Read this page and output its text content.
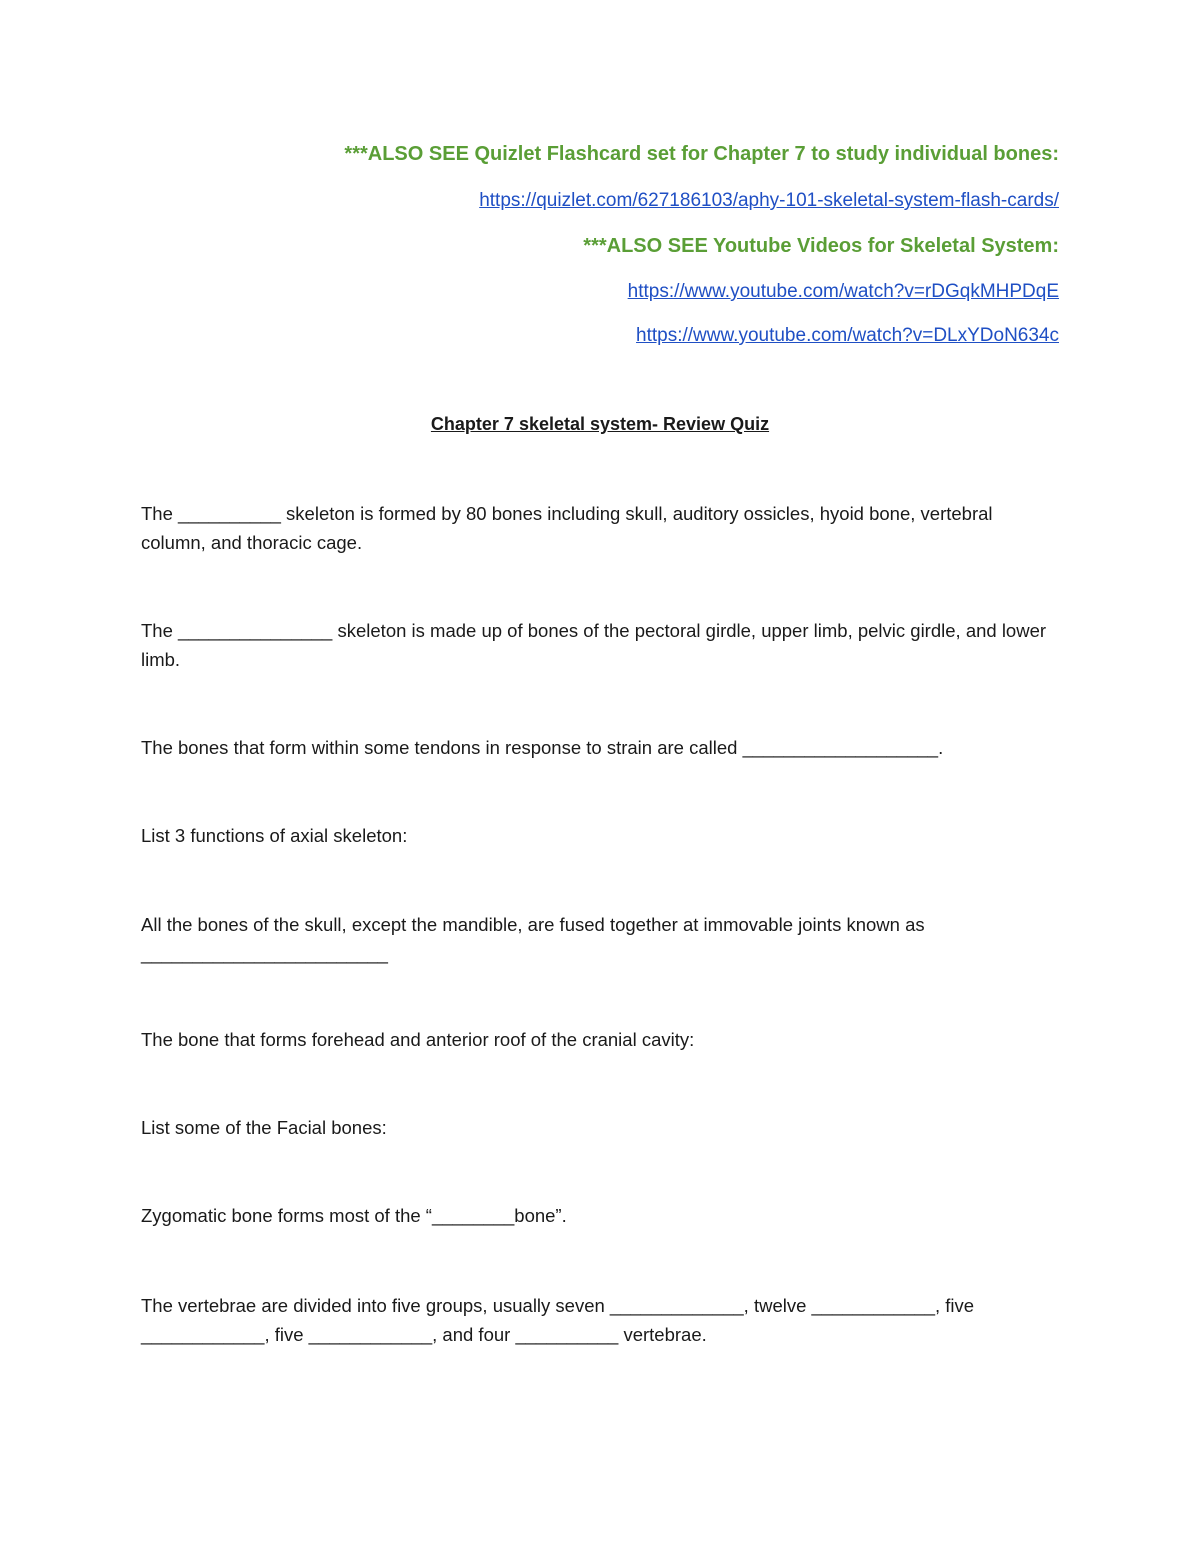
***ALSO SEE Quizlet Flashcard set for Chapter 7 to study individual bones:
https://quizlet.com/627186103/aphy-101-skeletal-system-flash-cards/
***ALSO SEE Youtube Videos for Skeletal System:
https://www.youtube.com/watch?v=rDGqkMHPDqE
https://www.youtube.com/watch?v=DLxYDoN634c
Chapter 7 skeletal system- Review Quiz
The __________ skeleton is formed by 80 bones including skull, auditory ossicles, hyoid bone, vertebral column, and thoracic cage.
The _______________ skeleton is made up of bones of the pectoral girdle, upper limb, pelvic girdle, and lower limb.
The bones that form within some tendons in response to strain are called ___________________.
List 3 functions of axial skeleton:
All the bones of the skull, except the mandible, are fused together at immovable joints known as ________________________
The bone that forms forehead and anterior roof of the cranial cavity:
List some of the Facial bones:
Zygomatic bone forms most of the “________bone”.
The vertebrae are divided into five groups, usually seven _____________, twelve ____________, five ____________, five ____________, and four __________ vertebrae.
